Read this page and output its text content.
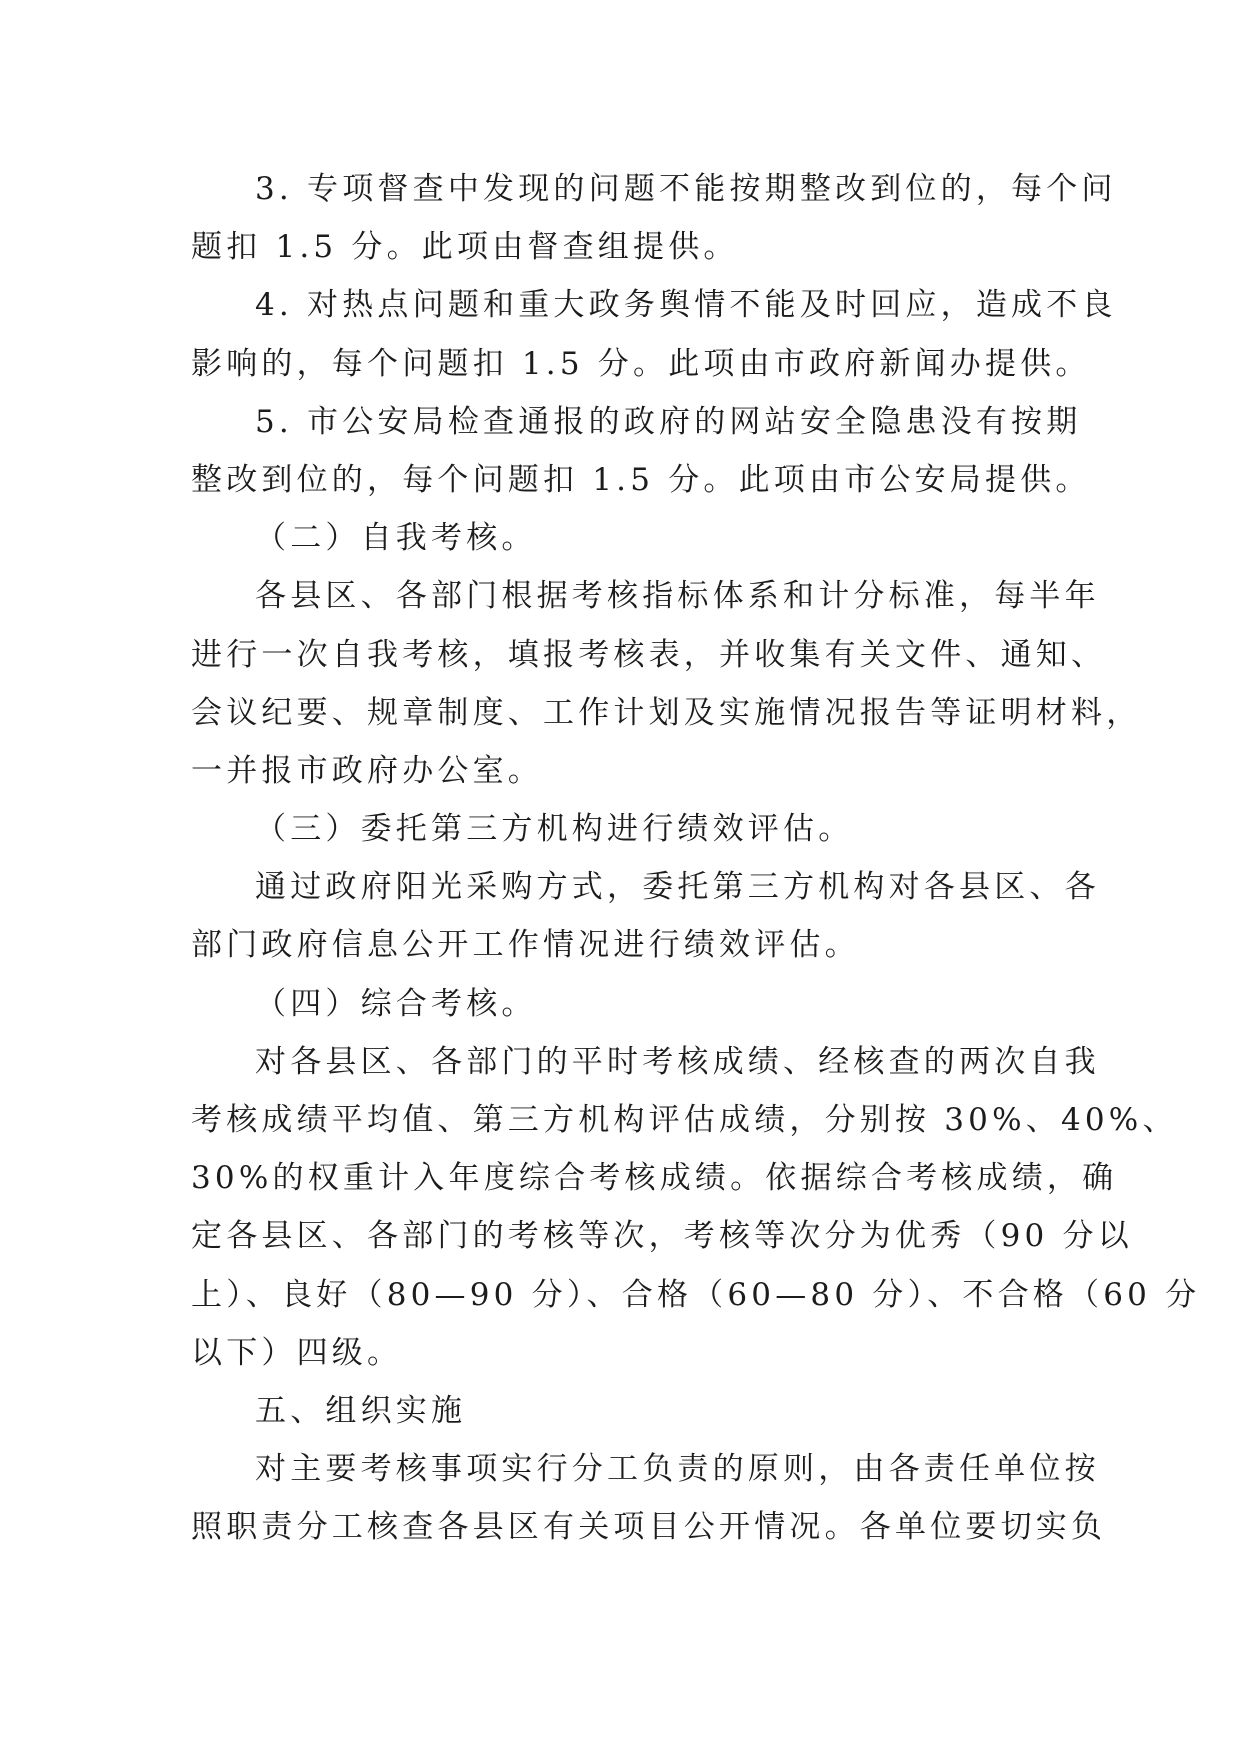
3. 专项督查中发现的问题不能按期整改到位的，每个问
题扣 1.5 分。此项由督查组提供。
4. 对热点问题和重大政务舆情不能及时回应，造成不良
影响的，每个问题扣 1.5 分。此项由市政府新闻办提供。
5. 市公安局检查通报的政府的网站安全隐患没有按期
整改到位的，每个问题扣 1.5 分。此项由市公安局提供。
（二）自我考核。
各县区、各部门根据考核指标体系和计分标准，每半年
进行一次自我考核，填报考核表，并收集有关文件、通知、
会议纪要、规章制度、工作计划及实施情况报告等证明材料，
一并报市政府办公室。
（三）委托第三方机构进行绩效评估。
通过政府阳光采购方式，委托第三方机构对各县区、各
部门政府信息公开工作情况进行绩效评估。
（四）综合考核。
对各县区、各部门的平时考核成绩、经核查的两次自我
考核成绩平均值、第三方机构评估成绩，分别按 30%、40%、
30%的权重计入年度综合考核成绩。依据综合考核成绩，确
定各县区、各部门的考核等次，考核等次分为优秀（90 分以
上）、良好（80—90 分）、合格（60—80 分）、不合格（60 分
以下）四级。
五、组织实施
对主要考核事项实行分工负责的原则，由各责任单位按
照职责分工核查各县区有关项目公开情况。各单位要切实负
